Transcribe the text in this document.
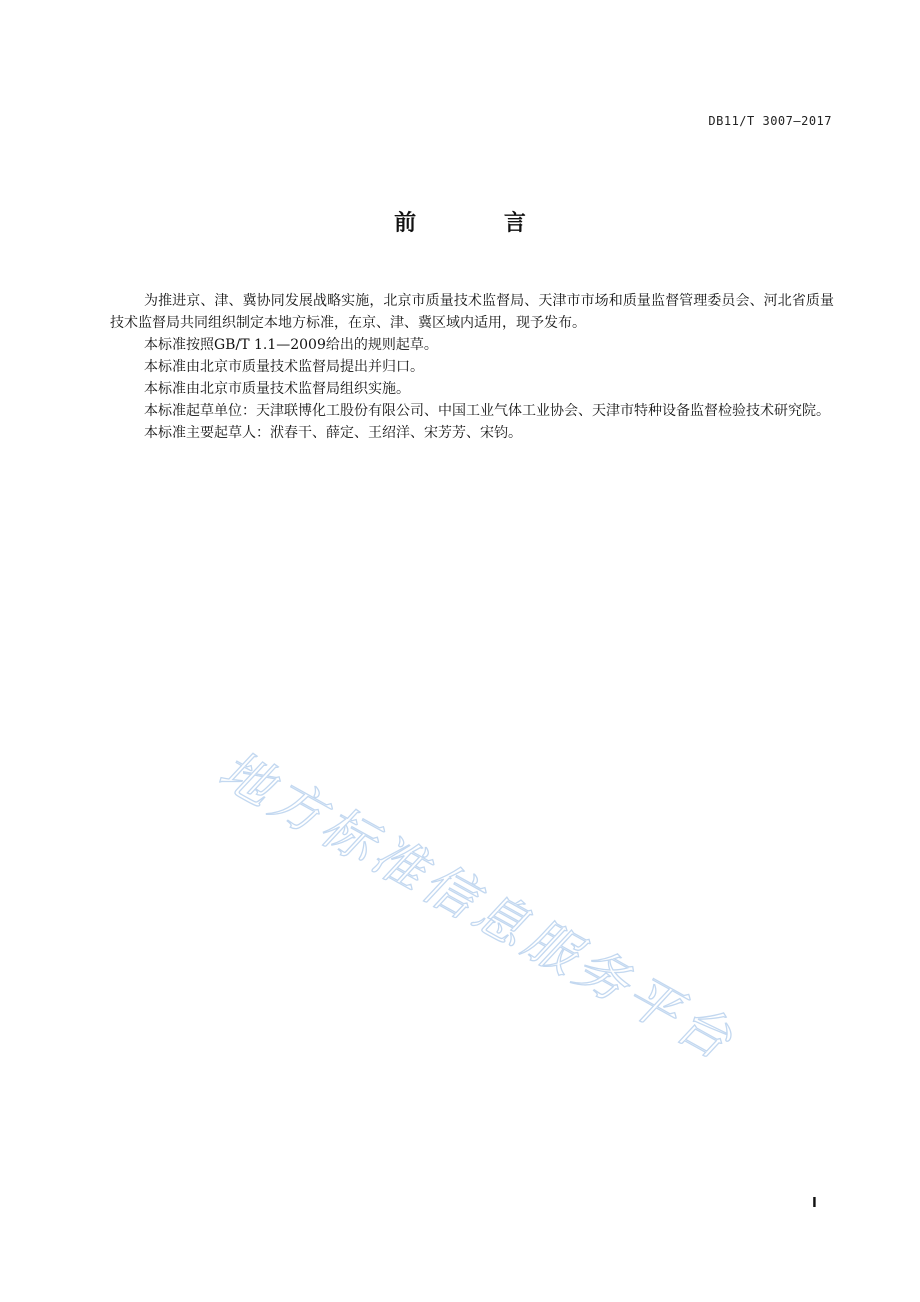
DB11/T 3007—2017
前 言

为推进京、津、冀协同发展战略实施，北京市质量技术监督局、天津市市场和质量监督管理委员会、河北省质量技术监督局共同组织制定本地方标准，在京、津、冀区域内适用，现予发布。

本标准按照GB/T 1.1—2009给出的规则起草。

本标准由北京市质量技术监督局提出并归口。

本标准由北京市质量技术监督局组织实施。

本标准起草单位：天津联博化工股份有限公司、中国工业气体工业协会、天津市特种设备监督检验技术研究院。

本标准主要起草人：洑春干、薛定、王绍洋、宋芳芳、宋钧。

地方标准信息服务平台
I
